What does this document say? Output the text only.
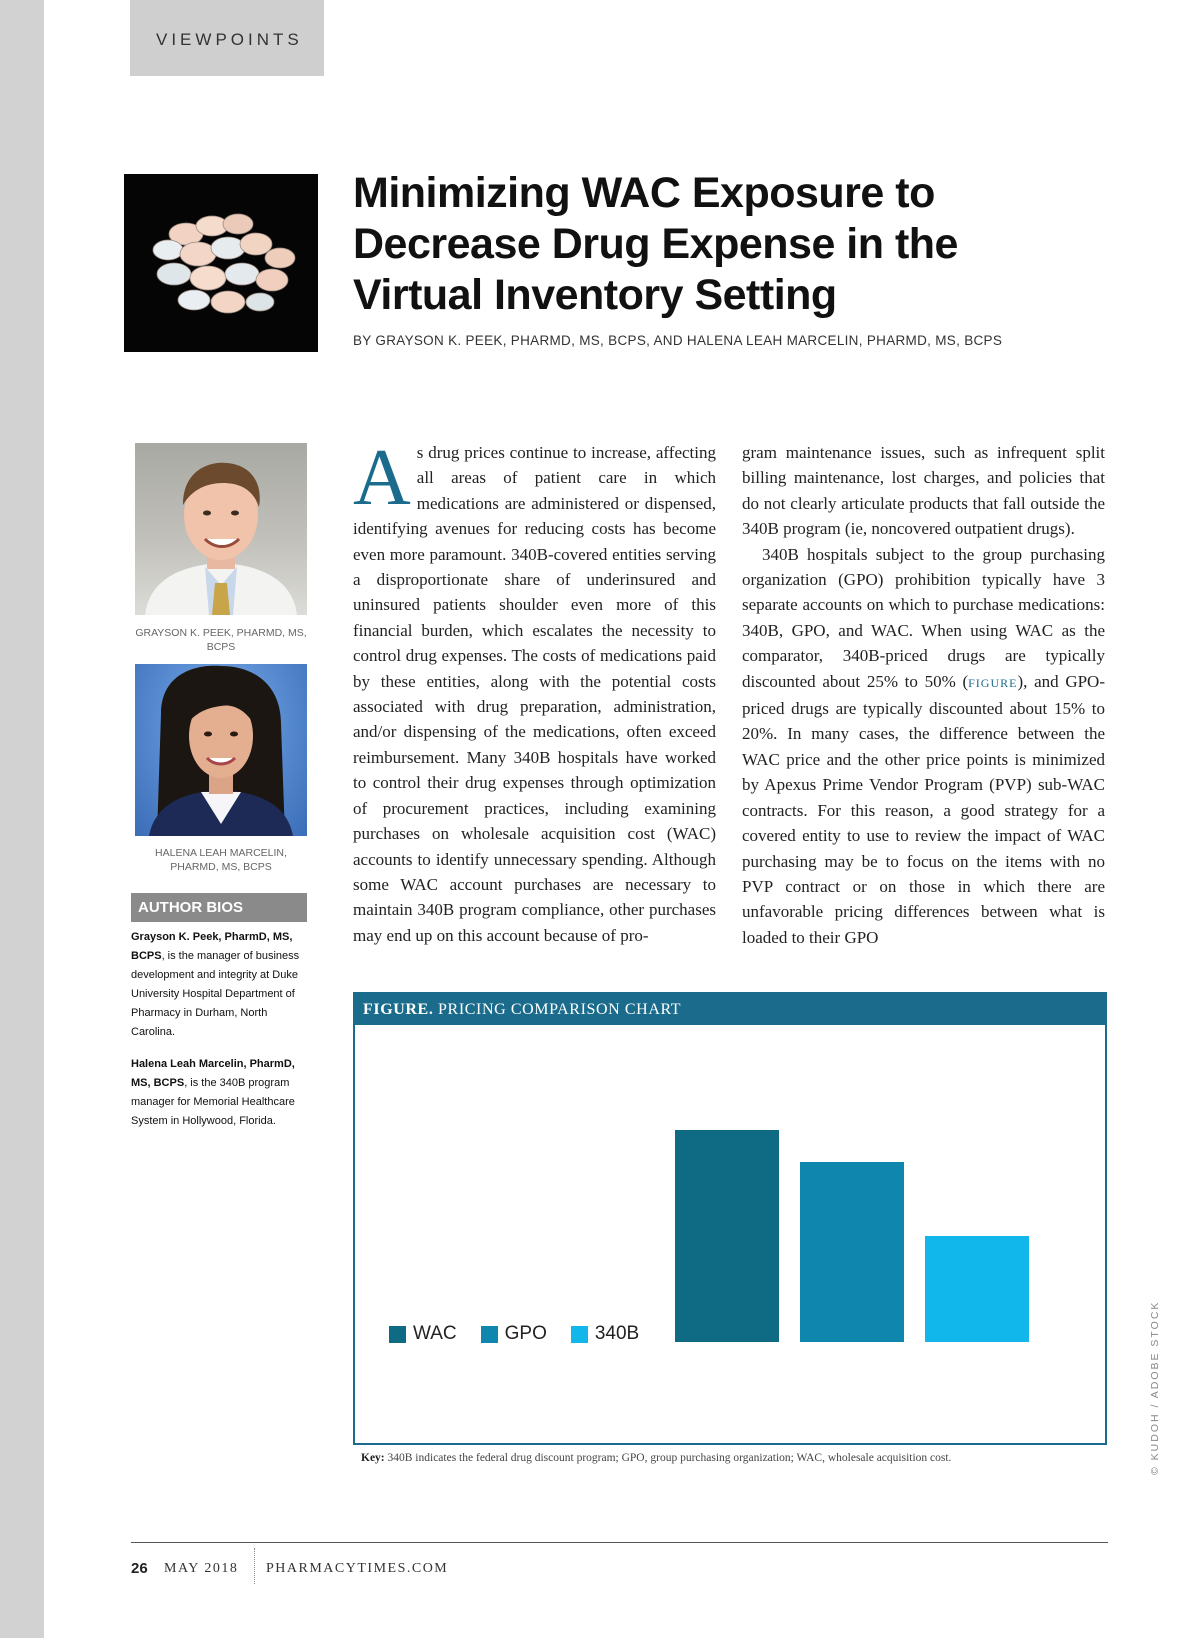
VIEWPOINTS
Minimizing WAC Exposure to Decrease Drug Expense in the Virtual Inventory Setting
BY GRAYSON K. PEEK, PHARMD, MS, BCPS, AND HALENA LEAH MARCELIN, PHARMD, MS, BCPS
GRAYSON K. PEEK, PHARMD, MS, BCPS
HALENA LEAH MARCELIN, PHARMD, MS, BCPS
AUTHOR BIOS

Grayson K. Peek, PharmD, MS, BCPS, is the manager of business development and integrity at Duke University Hospital Department of Pharmacy in Durham, North Carolina.

Halena Leah Marcelin, PharmD, MS, BCPS, is the 340B program manager for Memorial Healthcare System in Hollywood, Florida.

As drug prices continue to increase, affecting all areas of patient care in which medications are administered or dispensed, identifying avenues for reducing costs has become even more paramount. 340B-covered entities serving a disproportionate share of underinsured and uninsured patients shoulder even more of this financial burden, which escalates the necessity to control drug expenses. The costs of medications paid by these entities, along with the potential costs associated with drug preparation, administration, and/or dispensing of the medications, often exceed reimbursement. Many 340B hospitals have worked to control their drug expenses through optimization of procurement practices, including examining purchases on wholesale acquisition cost (WAC) accounts to identify unnecessary spending. Although some WAC account purchases are necessary to maintain 340B program compliance, other purchases may end up on this account because of pro-

gram maintenance issues, such as infrequent split billing maintenance, lost charges, and policies that do not clearly articulate products that fall outside the 340B program (ie, noncovered outpatient drugs).

340B hospitals subject to the group purchasing organization (GPO) prohibition typically have 3 separate accounts on which to purchase medications: 340B, GPO, and WAC. When using WAC as the comparator, 340B-priced drugs are typically discounted about 25% to 50% (FIGURE), and GPO-priced drugs are typically discounted about 15% to 20%. In many cases, the difference between the WAC price and the other price points is minimized by Apexus Prime Vendor Program (PVP) sub-WAC contracts. For this reason, a good strategy for a covered entity to use to review the impact of WAC purchasing may be to focus on the items with no PVP contract or on those in which there are unfavorable pricing differences between what is loaded to their GPO

FIGURE. PRICING COMPARISON CHART
WAC	GPO	340B
Key: 340B indicates the federal drug discount program; GPO, group purchasing organization; WAC, wholesale acquisition cost.	© KUDOH / ADOBE STOCK
26 MAY 2018 PHARMACYTIMES.COM
